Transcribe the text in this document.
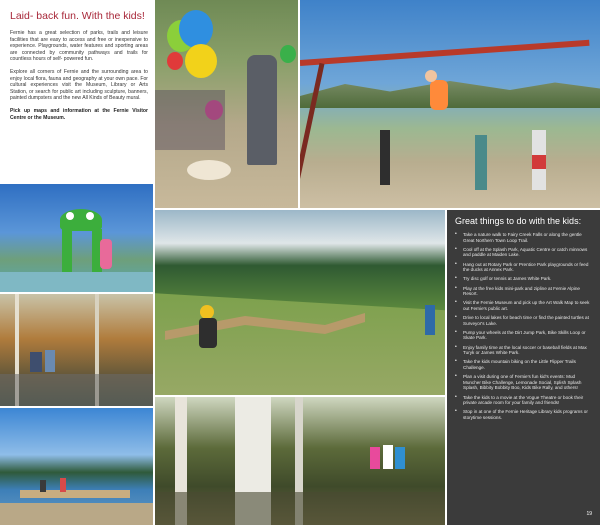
Laid- back fun. With the kids!

Fernie has a great selection of parks, trails and leisure facilities that are easy to access and free or inexpensive to experience. Playgrounds, water features and sporting areas are connected by community pathways and trails for countless hours of self- powered fun.

Explore all corners of Fernie and the surrounding area to enjoy local flora, fauna and geography at your own pace. For cultural experiences visit the Museum, Library or Arts Station, or search for public art including sculpture, banners, painted dumpsters and the new All Kinds of Beauty mural.

Pick up maps and information at the Fernie Visitor Centre or the Museum.

Great things to do with the kids:
• Take a nature walk to Fairy Creek Falls or along the gentle Great Northern Town Loop Trail.
• Cool off at the Splash Park, Aquatic Centre or catch minnows and paddle at Maiden Lake.
• Hang out at Rotary Park or Prentice Park playgrounds or feed the ducks at Annex Park.
• Try disc golf or tennis at James White Park.
• Play at the free kids mini-park and zipline at Fernie Alpine Resort.
• Visit the Fernie Museum and pick up the Art Walk Map to seek out Fernie's public art.
• Drive to local lakes for beach time or find the painted turtles at Surveyor's Lake.
• Pump your wheels at the Dirt Jump Park, Bike Skills Loop or Skate Park.
• Enjoy family time at the local soccer or baseball fields at Max Turyk or James White Park.
• Take the kids mountain biking on the Little Flipper Trails Challenge.
• Plan a visit during one of Fernie's fun kid's events: Mud Muncher Bike Challenge, Lemonade Social, Splish Splash Splash, Bibbity Bobbity Boo, Kids Bike Rally, and others!
• Take the kids to a movie at the Vogue Theatre or book their private arcade room for your family and friends!
• Stop in at one of the Fernie Heritage Library kids programs or storytime sessions.
19
